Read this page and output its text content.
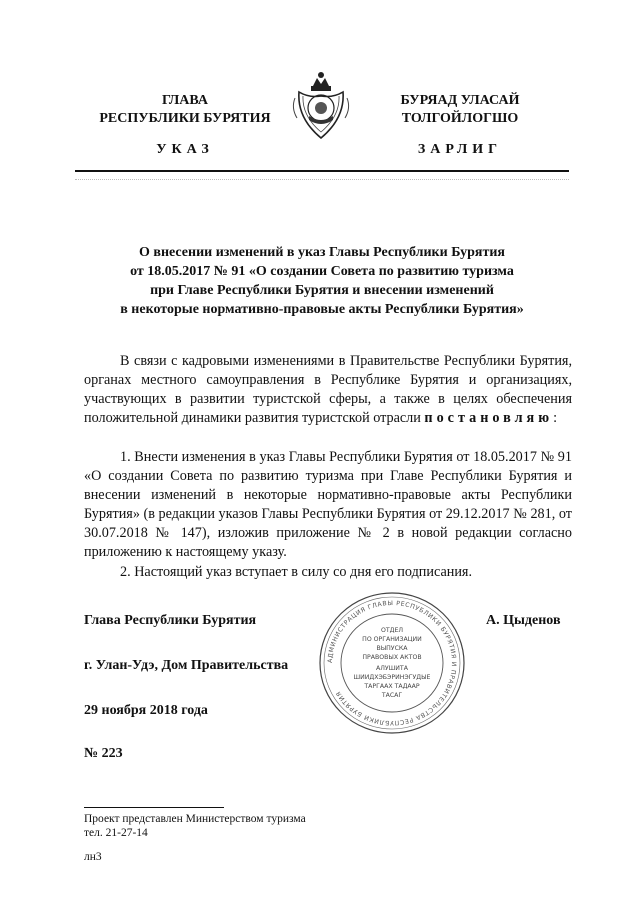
ГЛАВА
РЕСПУБЛИКИ БУРЯТИЯ
УКАЗ
БУРЯАД УЛАСАЙ
ТОЛГОЙЛОГШО
ЗАРЛИГ
О внесении изменений в указ Главы Республики Бурятия
от 18.05.2017 № 91 «О создании Совета по развитию туризма
при Главе Республики Бурятия и внесении изменений
в некоторые нормативно-правовые акты Республики Бурятия»
В связи с кадровыми изменениями в Правительстве Республики Бурятия, органах местного самоуправления в Республике Бурятия и организациях, участвующих в развитии туристской сферы, а также в целях обеспечения положительной динамики развития туристской отрасли постановляю:
1. Внести изменения в указ Главы Республики Бурятия от 18.05.2017 № 91 «О создании Совета по развитию туризма при Главе Республики Бурятия и внесении изменений в некоторые нормативно-правовые акты Республики Бурятия» (в редакции указов Главы Республики Бурятия от 29.12.2017 № 281, от 30.07.2018 № 147), изложив приложение № 2 в новой редакции согласно приложению к настоящему указу.
2. Настоящий указ вступает в силу со дня его подписания.
Глава Республики Бурятия	А. Цыденов
г. Улан-Удэ, Дом Правительства
29 ноября 2018 года
№ 223
АДМИНИСТРАЦИЯ ГЛАВЫ РЕСПУБЛИКИ БУРЯТИЯ И ПРАВИТЕЛЬСТВА РЕСПУБЛИКИ БУРЯТИЯ
ОТДЕЛ
ПО ОРГАНИЗАЦИИ
ВЫПУСКА
ПРАВОВЫХ АКТОВ
АЛУШИТА
ШИИДХЭБЭРИНЭГУДЫЕ
ТАРГААХ ТАДААР
ТАСАГ
Проект представлен Министерством туризма
тел. 21-27-14
лн3
